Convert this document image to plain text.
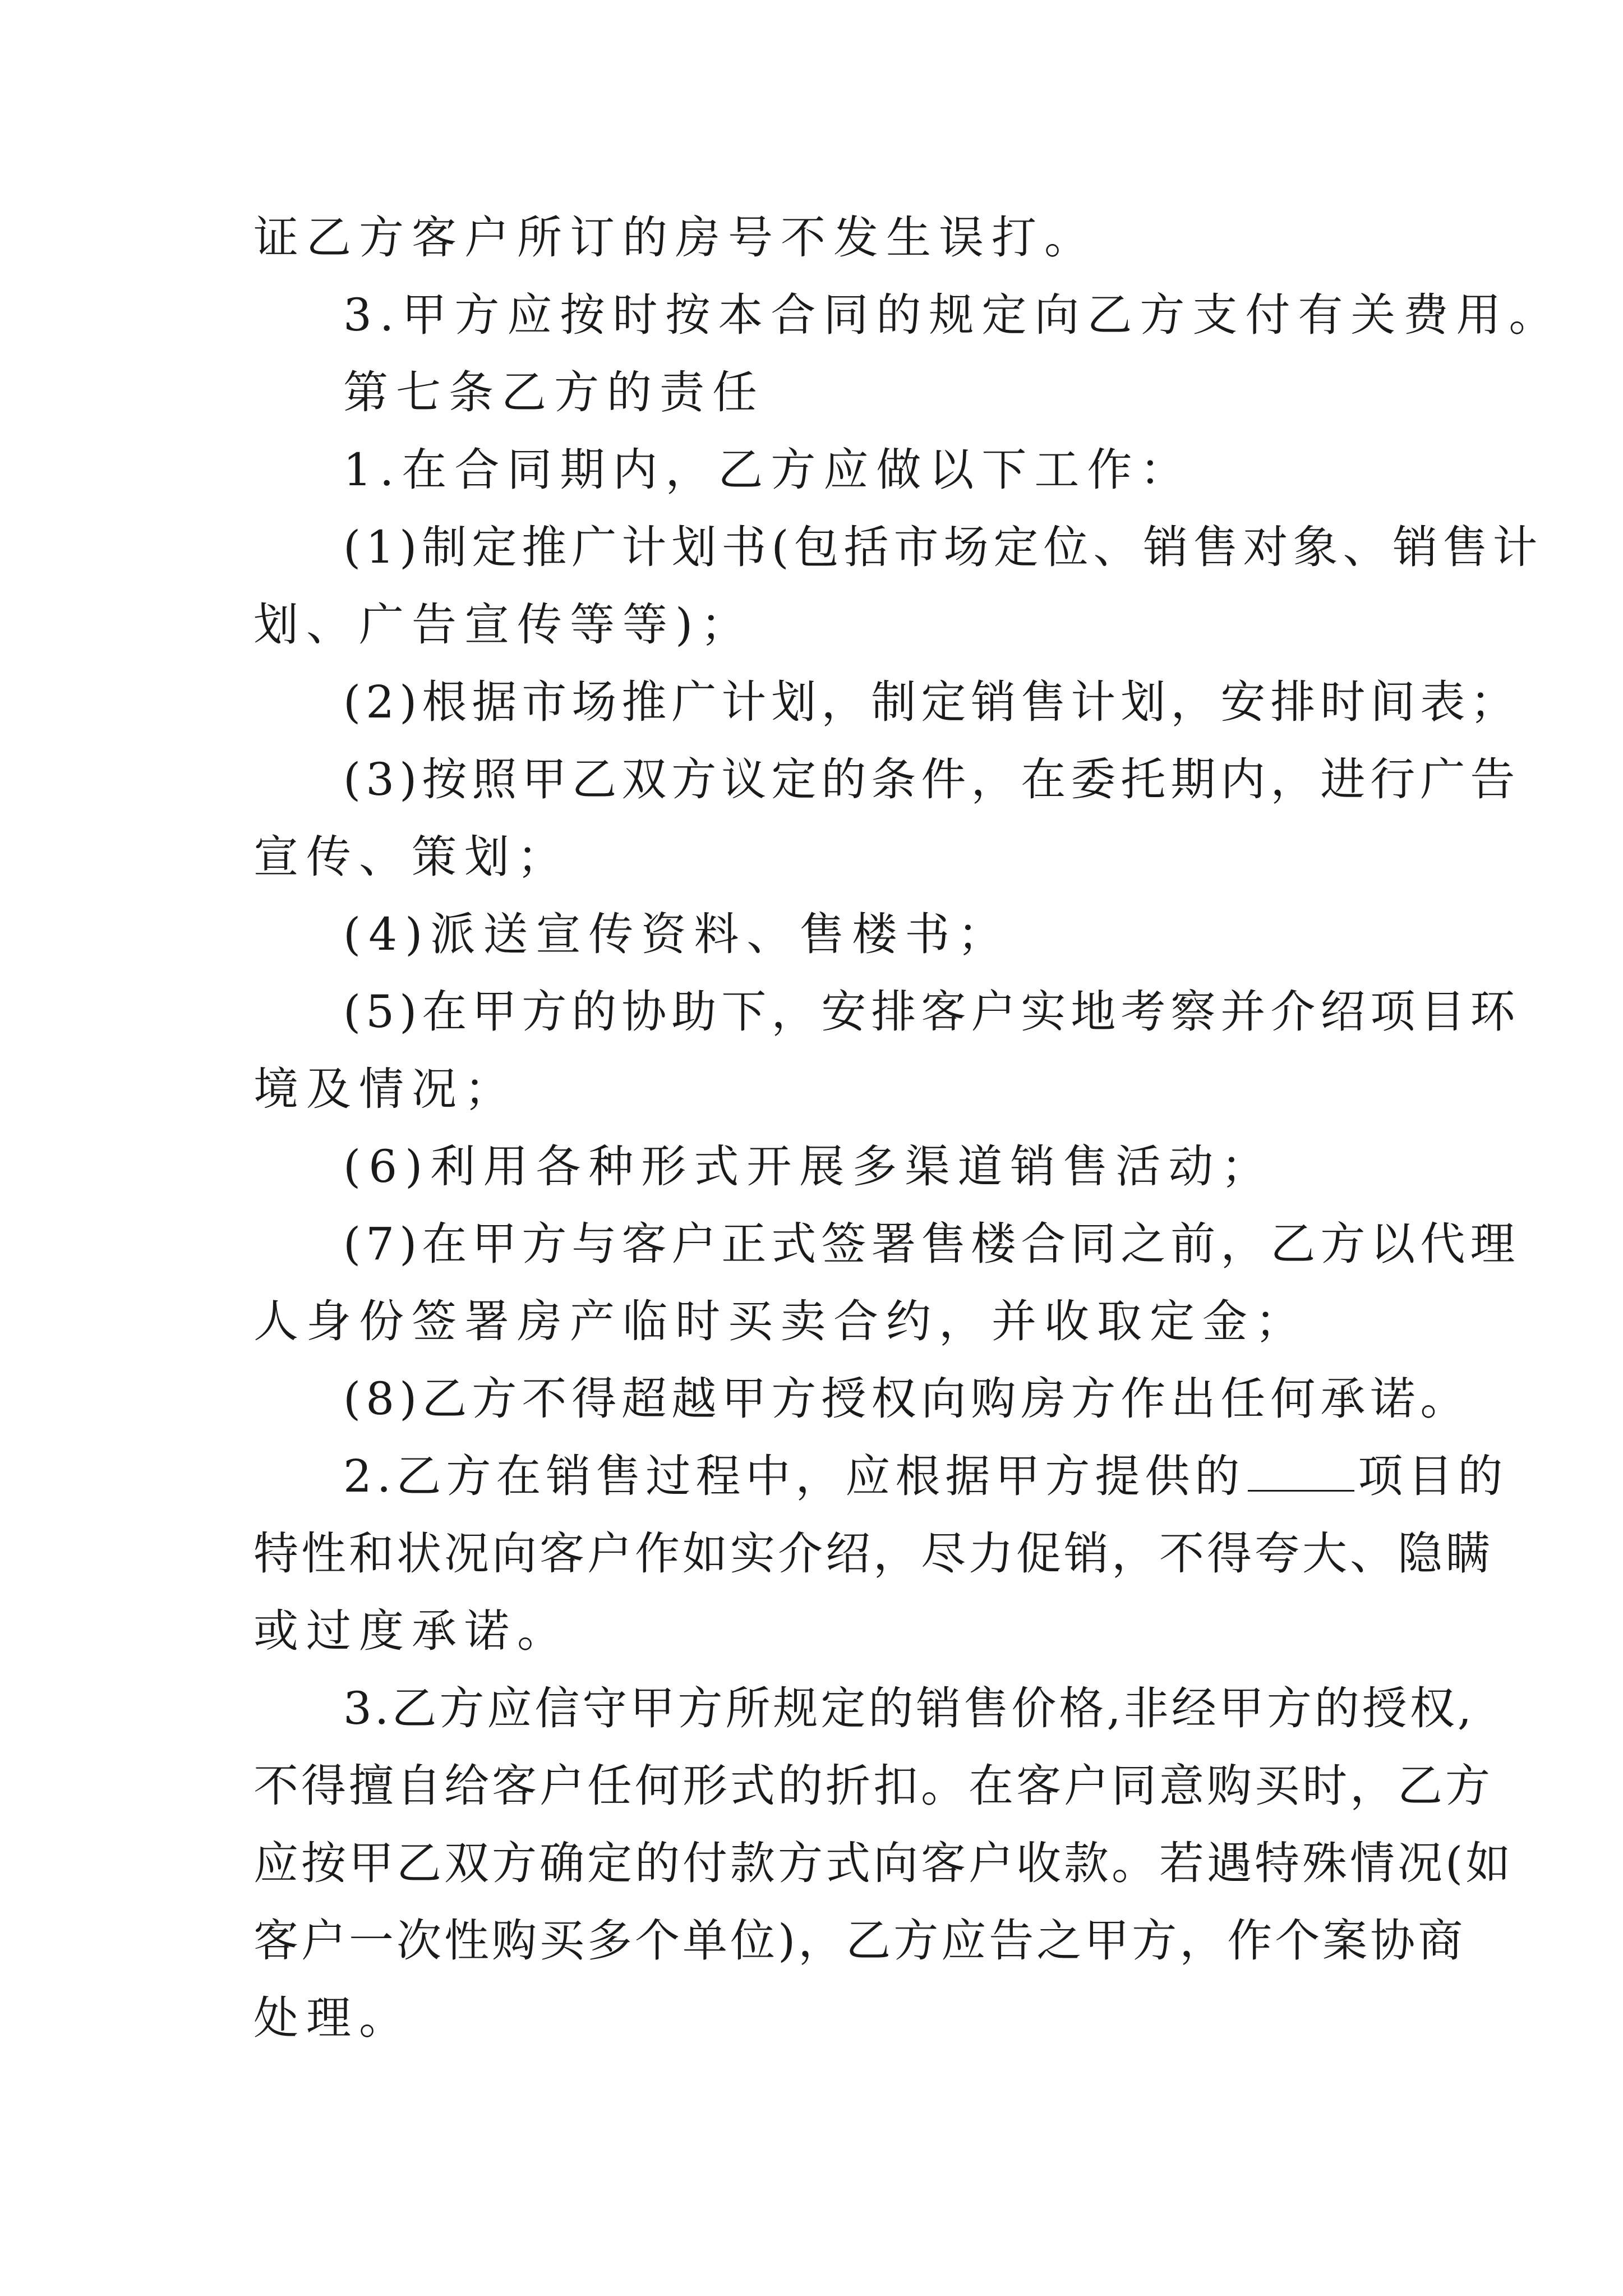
证乙方客户所订的房号不发生误打。
3.甲方应按时按本合同的规定向乙方支付有关费用。
第七条乙方的责任
1.在合同期内，乙方应做以下工作：
(1)制定推广计划书(包括市场定位、销售对象、销售计
划、广告宣传等等)；
(2)根据市场推广计划，制定销售计划，安排时间表；
(3)按照甲乙双方议定的条件，在委托期内，进行广告
宣传、策划；
(4)派送宣传资料、售楼书；
(5)在甲方的协助下，安排客户实地考察并介绍项目环
境及情况；
(6)利用各种形式开展多渠道销售活动；
(7)在甲方与客户正式签署售楼合同之前，乙方以代理
人身份签署房产临时买卖合约，并收取定金；
(8)乙方不得超越甲方授权向购房方作出任何承诺。
2.乙方在销售过程中，应根据甲方提供的	项目的
特性和状况向客户作如实介绍，尽力促销，不得夸大、隐瞒
或过度承诺。
3.乙方应信守甲方所规定的销售价格,非经甲方的授权,
不得擅自给客户任何形式的折扣。在客户同意购买时，乙方
应按甲乙双方确定的付款方式向客户收款。若遇特殊情况(如
客户一次性购买多个单位)，乙方应告之甲方，作个案协商
处理。
